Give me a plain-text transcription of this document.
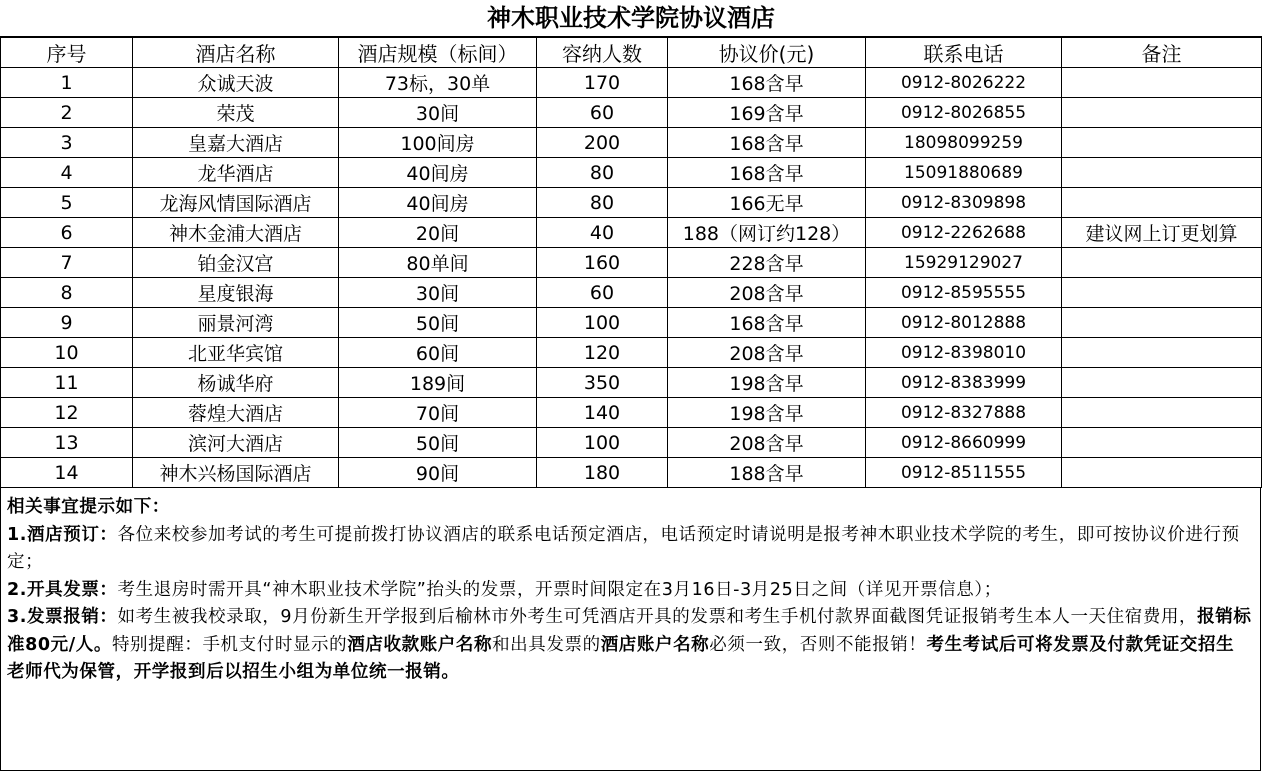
神木职业技术学院协议酒店
序号	酒店名称	酒店规模（标间）	容纳人数	协议价(元)	联系电话	备注
1	众诚天波	73标，30单	170	168含早	0912-8026222	
2	荣茂	30间	60	169含早	0912-8026855	
3	皇嘉大酒店	100间房	200	168含早	18098099259	
4	龙华酒店	40间房	80	168含早	15091880689	
5	龙海风情国际酒店	40间房	80	166无早	0912-8309898	
6	神木金浦大酒店	20间	40	188（网订约128）	0912-2262688	建议网上订更划算
7	铂金汉宫	80单间	160	228含早	15929129027	
8	星度银海	30间	60	208含早	0912-8595555	
9	丽景河湾	50间	100	168含早	0912-8012888	
10	北亚华宾馆	60间	120	208含早	0912-8398010	
11	杨诚华府	189间	350	198含早	0912-8383999	
12	蓉煌大酒店	70间	140	198含早	0912-8327888	
13	滨河大酒店	50间	100	208含早	0912-8660999	
14	神木兴杨国际酒店	90间	180	188含早	0912-8511555	

相关事宜提示如下：

1.酒店预订：各位来校参加考试的考生可提前拨打协议酒店的联系电话预定酒店，电话预定时请说明是报考神木职业技术学院的考生，即可按协议价进行预定；

2.开具发票：考生退房时需开具“神木职业技术学院”抬头的发票，开票时间限定在3月16日-3月25日之间（详见开票信息）；

3.发票报销：如考生被我校录取，9月份新生开学报到后榆林市外考生可凭酒店开具的发票和考生手机付款界面截图凭证报销考生本人一天住宿费用，报销标准80元/人。特别提醒：手机支付时显示的酒店收款账户名称和出具发票的酒店账户名称必须一致，否则不能报销！考生考试后可将发票及付款凭证交招生老师代为保管，开学报到后以招生小组为单位统一报销。
